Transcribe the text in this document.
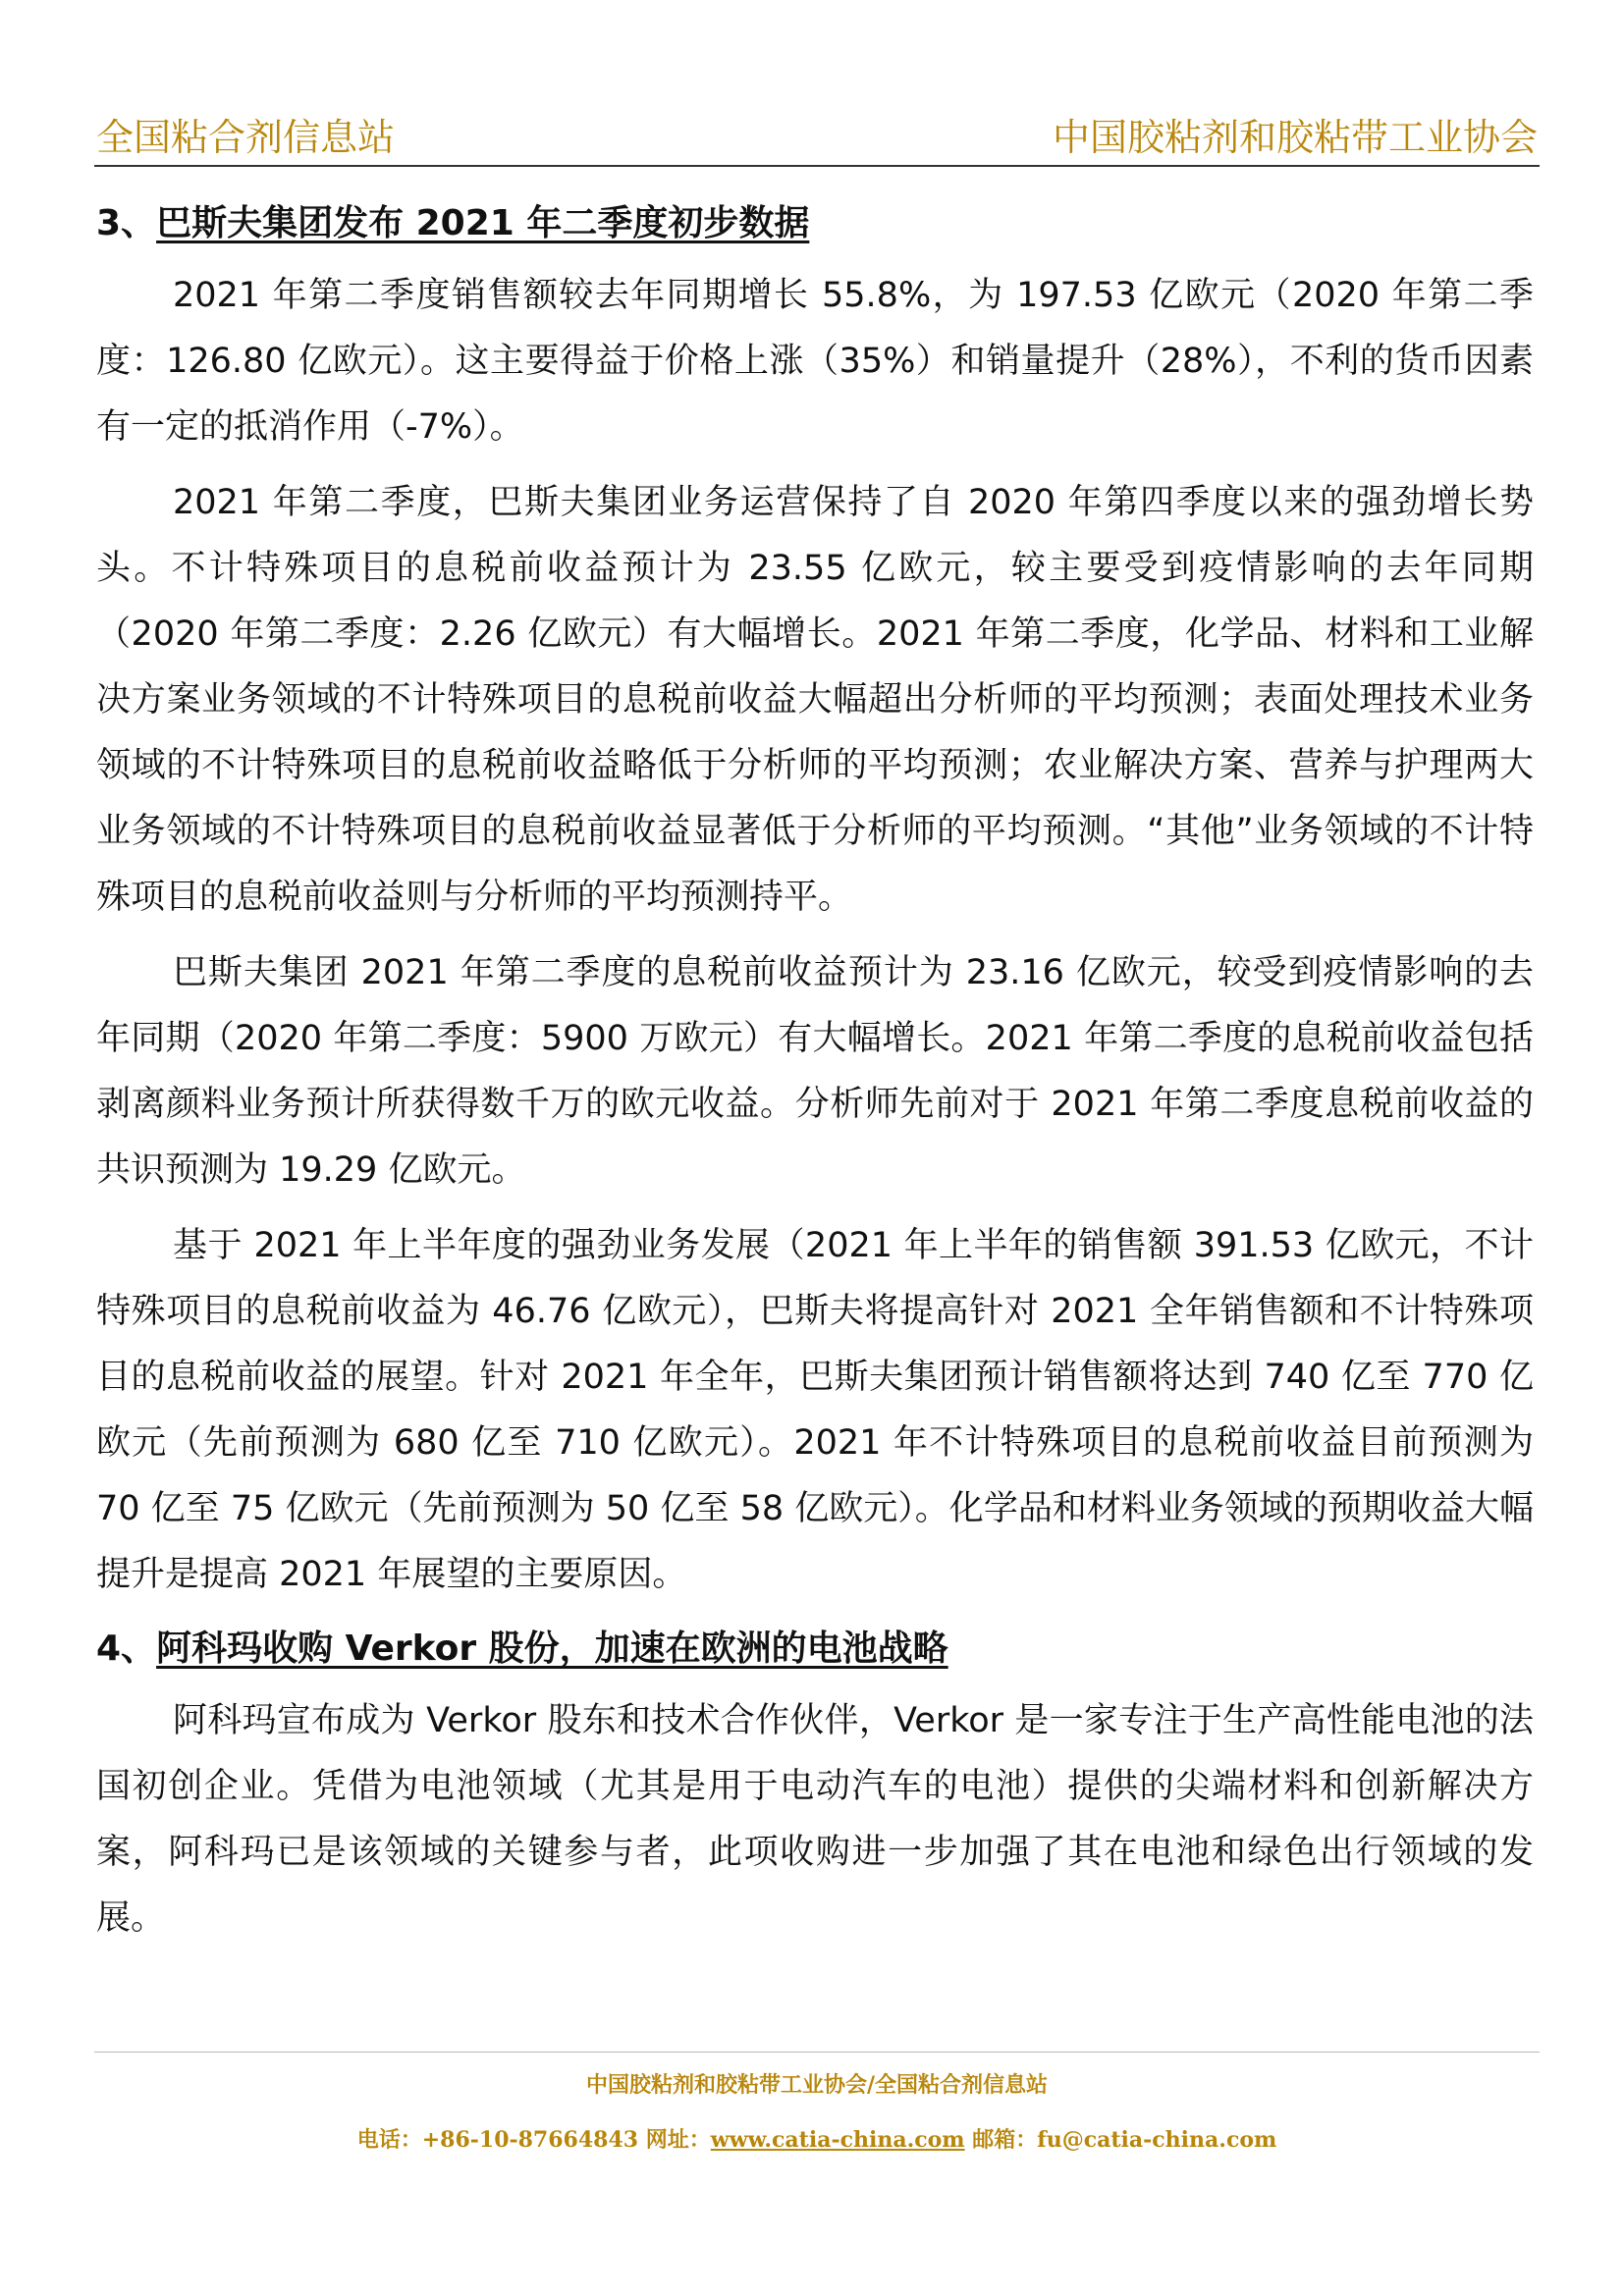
全国粘合剂信息站	中国胶粘剂和胶粘带工业协会
3、巴斯夫集团发布 2021 年二季度初步数据

2021 年第二季度销售额较去年同期增长 55.8%，为 197.53 亿欧元（2020 年第二季度：126.80 亿欧元）。这主要得益于价格上涨（35%）和销量提升（28%），不利的货币因素有一定的抵消作用（-7%）。

2021 年第二季度，巴斯夫集团业务运营保持了自 2020 年第四季度以来的强劲增长势头。不计特殊项目的息税前收益预计为 23.55 亿欧元，较主要受到疫情影响的去年同期（2020 年第二季度：2.26 亿欧元）有大幅增长。2021 年第二季度，化学品、材料和工业解决方案业务领域的不计特殊项目的息税前收益大幅超出分析师的平均预测；表面处理技术业务领域的不计特殊项目的息税前收益略低于分析师的平均预测；农业解决方案、营养与护理两大业务领域的不计特殊项目的息税前收益显著低于分析师的平均预测。“其他”业务领域的不计特殊项目的息税前收益则与分析师的平均预测持平。

巴斯夫集团 2021 年第二季度的息税前收益预计为 23.16 亿欧元，较受到疫情影响的去年同期（2020 年第二季度：5900 万欧元）有大幅增长。2021 年第二季度的息税前收益包括剥离颜料业务预计所获得数千万的欧元收益。分析师先前对于 2021 年第二季度息税前收益的共识预测为 19.29 亿欧元。

基于 2021 年上半年度的强劲业务发展（2021 年上半年的销售额 391.53 亿欧元，不计特殊项目的息税前收益为 46.76 亿欧元），巴斯夫将提高针对 2021 全年销售额和不计特殊项目的息税前收益的展望。针对 2021 年全年，巴斯夫集团预计销售额将达到 740 亿至 770 亿欧元（先前预测为 680 亿至 710 亿欧元）。2021 年不计特殊项目的息税前收益目前预测为 70 亿至 75 亿欧元（先前预测为 50 亿至 58 亿欧元）。化学品和材料业务领域的预期收益大幅提升是提高 2021 年展望的主要原因。

4、阿科玛收购 Verkor 股份，加速在欧洲的电池战略

阿科玛宣布成为 Verkor 股东和技术合作伙伴，Verkor 是一家专注于生产高性能电池的法国初创企业。凭借为电池领域（尤其是用于电动汽车的电池）提供的尖端材料和创新解决方案，阿科玛已是该领域的关键参与者，此项收购进一步加强了其在电池和绿色出行领域的发展。

中国胶粘剂和胶粘带工业协会/全国粘合剂信息站
电话：+86-10-87664843 网址：www.catia-china.com 邮箱：fu@catia-china.com
